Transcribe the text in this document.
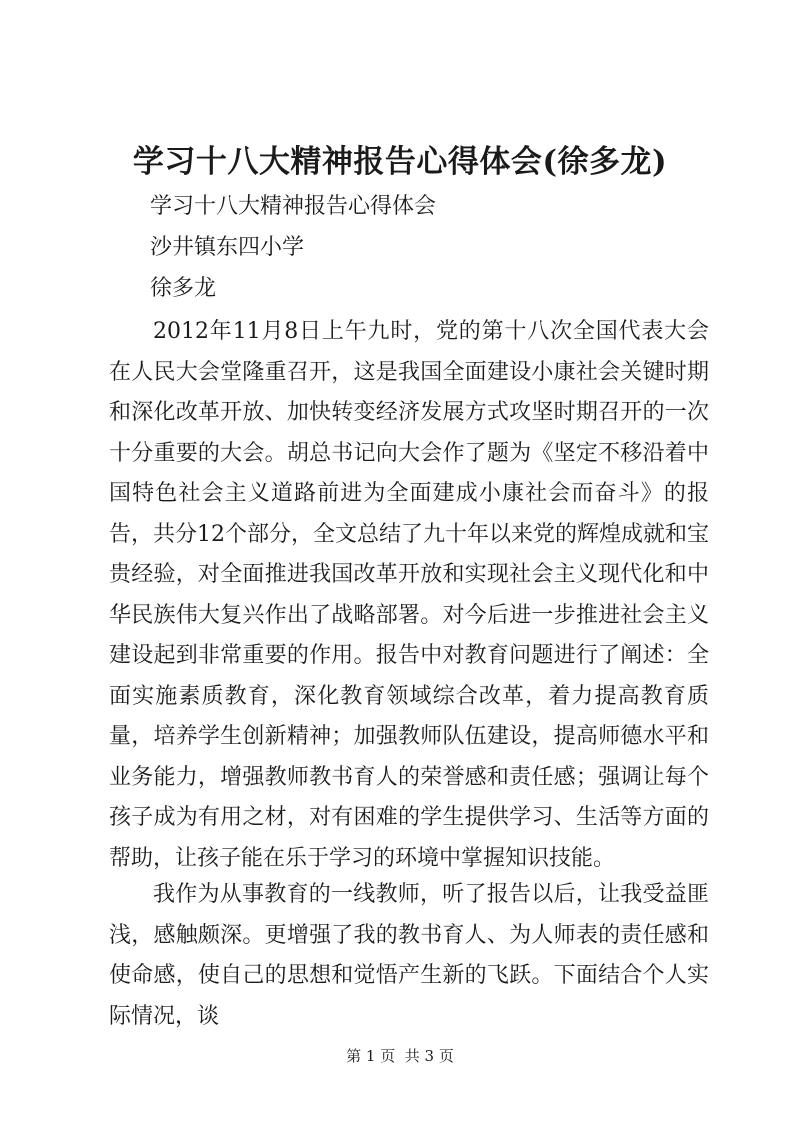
学习十八大精神报告心得体会(徐多龙)
学习十八大精神报告心得体会
沙井镇东四小学
徐多龙

2012年11月8日上午九时，党的第十八次全国代表大会在人民大会堂隆重召开，这是我国全面建设小康社会关键时期和深化改革开放、加快转变经济发展方式攻坚时期召开的一次十分重要的大会。胡总书记向大会作了题为《坚定不移沿着中国特色社会主义道路前进为全面建成小康社会而奋斗》的报告，共分12个部分，全文总结了九十年以来党的辉煌成就和宝贵经验，对全面推进我国改革开放和实现社会主义现代化和中华民族伟大复兴作出了战略部署。对今后进一步推进社会主义建设起到非常重要的作用。报告中对教育问题进行了阐述：全面实施素质教育，深化教育领域综合改革，着力提高教育质量，培养学生创新精神；加强教师队伍建设，提高师德水平和业务能力，增强教师教书育人的荣誉感和责任感；强调让每个孩子成为有用之材，对有困难的学生提供学习、生活等方面的帮助，让孩子能在乐于学习的环境中掌握知识技能。

我作为从事教育的一线教师，听了报告以后，让我受益匪浅，感触颇深。更增强了我的教书育人、为人师表的责任感和使命感，使自己的思想和觉悟产生新的飞跃。下面结合个人实际情况，谈

第 1 页  共 3 页
